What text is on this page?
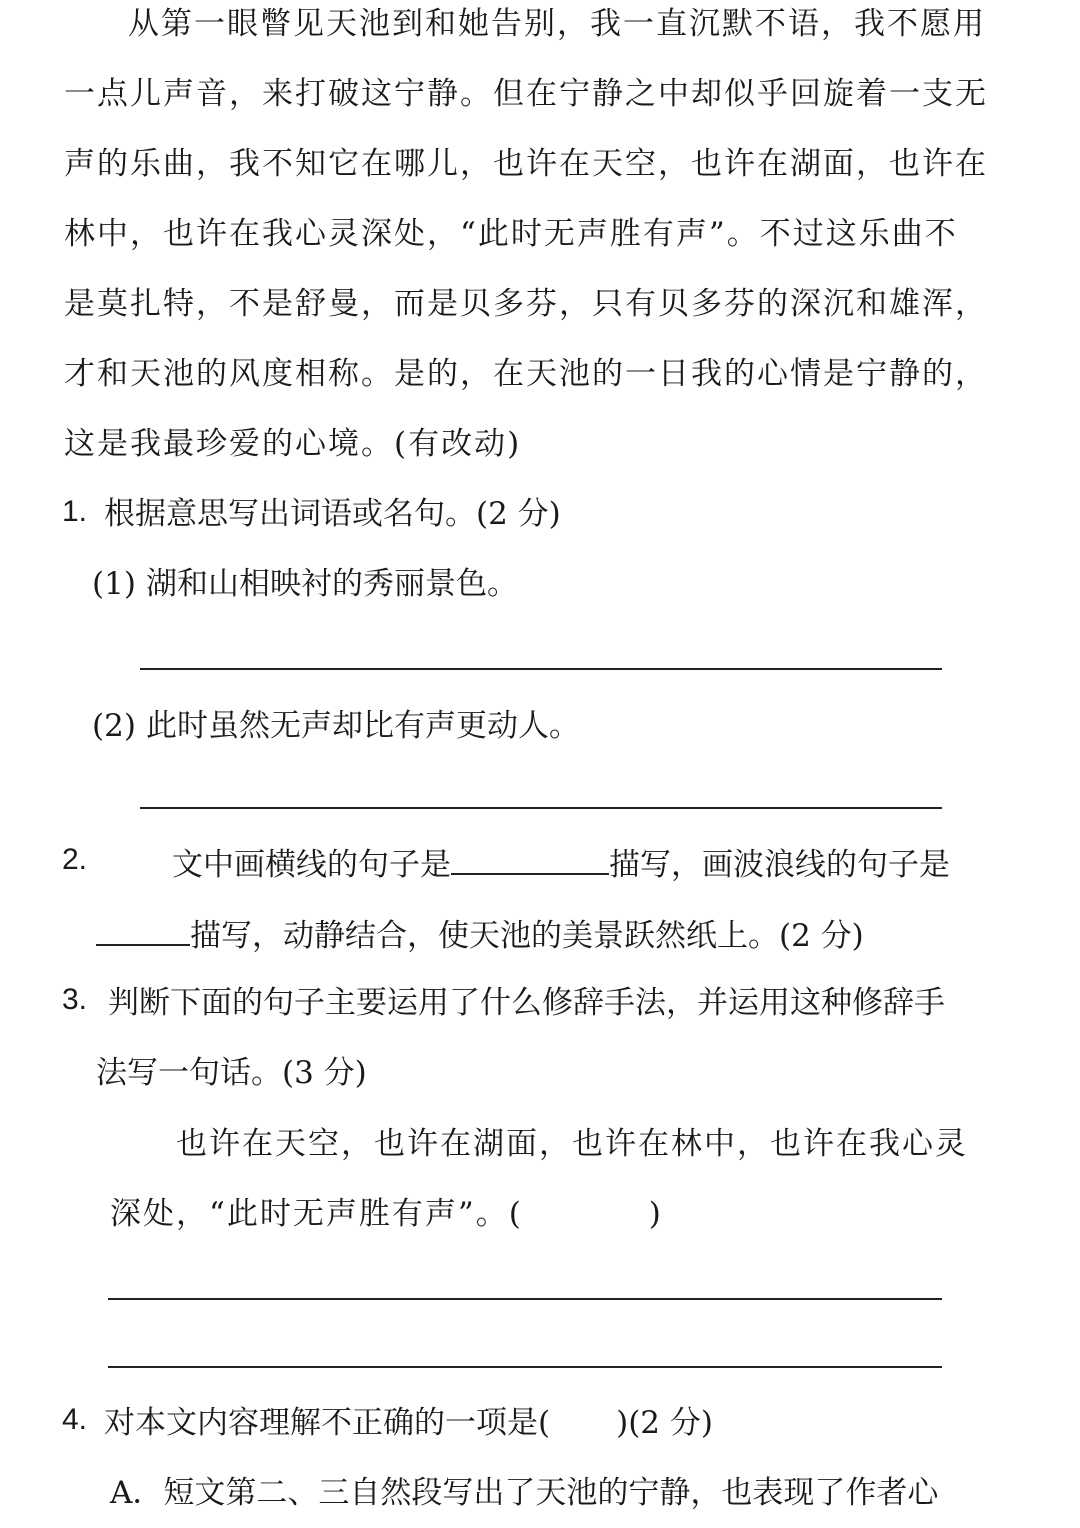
从第一眼瞥见天池到和她告别，我一直沉默不语，我不愿用
一点儿声音，来打破这宁静。但在宁静之中却似乎回旋着一支无
声的乐曲，我不知它在哪儿，也许在天空，也许在湖面，也许在
林中，也许在我心灵深处，“此时无声胜有声”。不过这乐曲不
是莫扎特，不是舒曼，而是贝多芬，只有贝多芬的深沉和雄浑，
才和天池的风度相称。是的，在天池的一日我的心情是宁静的，
这是我最珍爱的心境。(有改动)
1. 根据意思写出词语或名句。(2 分)
(1) 湖和山相映衬的秀丽景色。
(2) 此时虽然无声却比有声更动人。
2.	文中画横线的句子是	描写，画波浪线的句子是
描写，动静结合，使天池的美景跃然纸上。(2 分)
3. 判断下面的句子主要运用了什么修辞手法，并运用这种修辞手
法写一句话。(3 分)
也许在天空，也许在湖面，也许在林中，也许在我心灵
深处，“此时无声胜有声”。(	)
4. 对本文内容理解不正确的一项是( )(2 分)
A．短文第二、三自然段写出了天池的宁静，也表现了作者心
